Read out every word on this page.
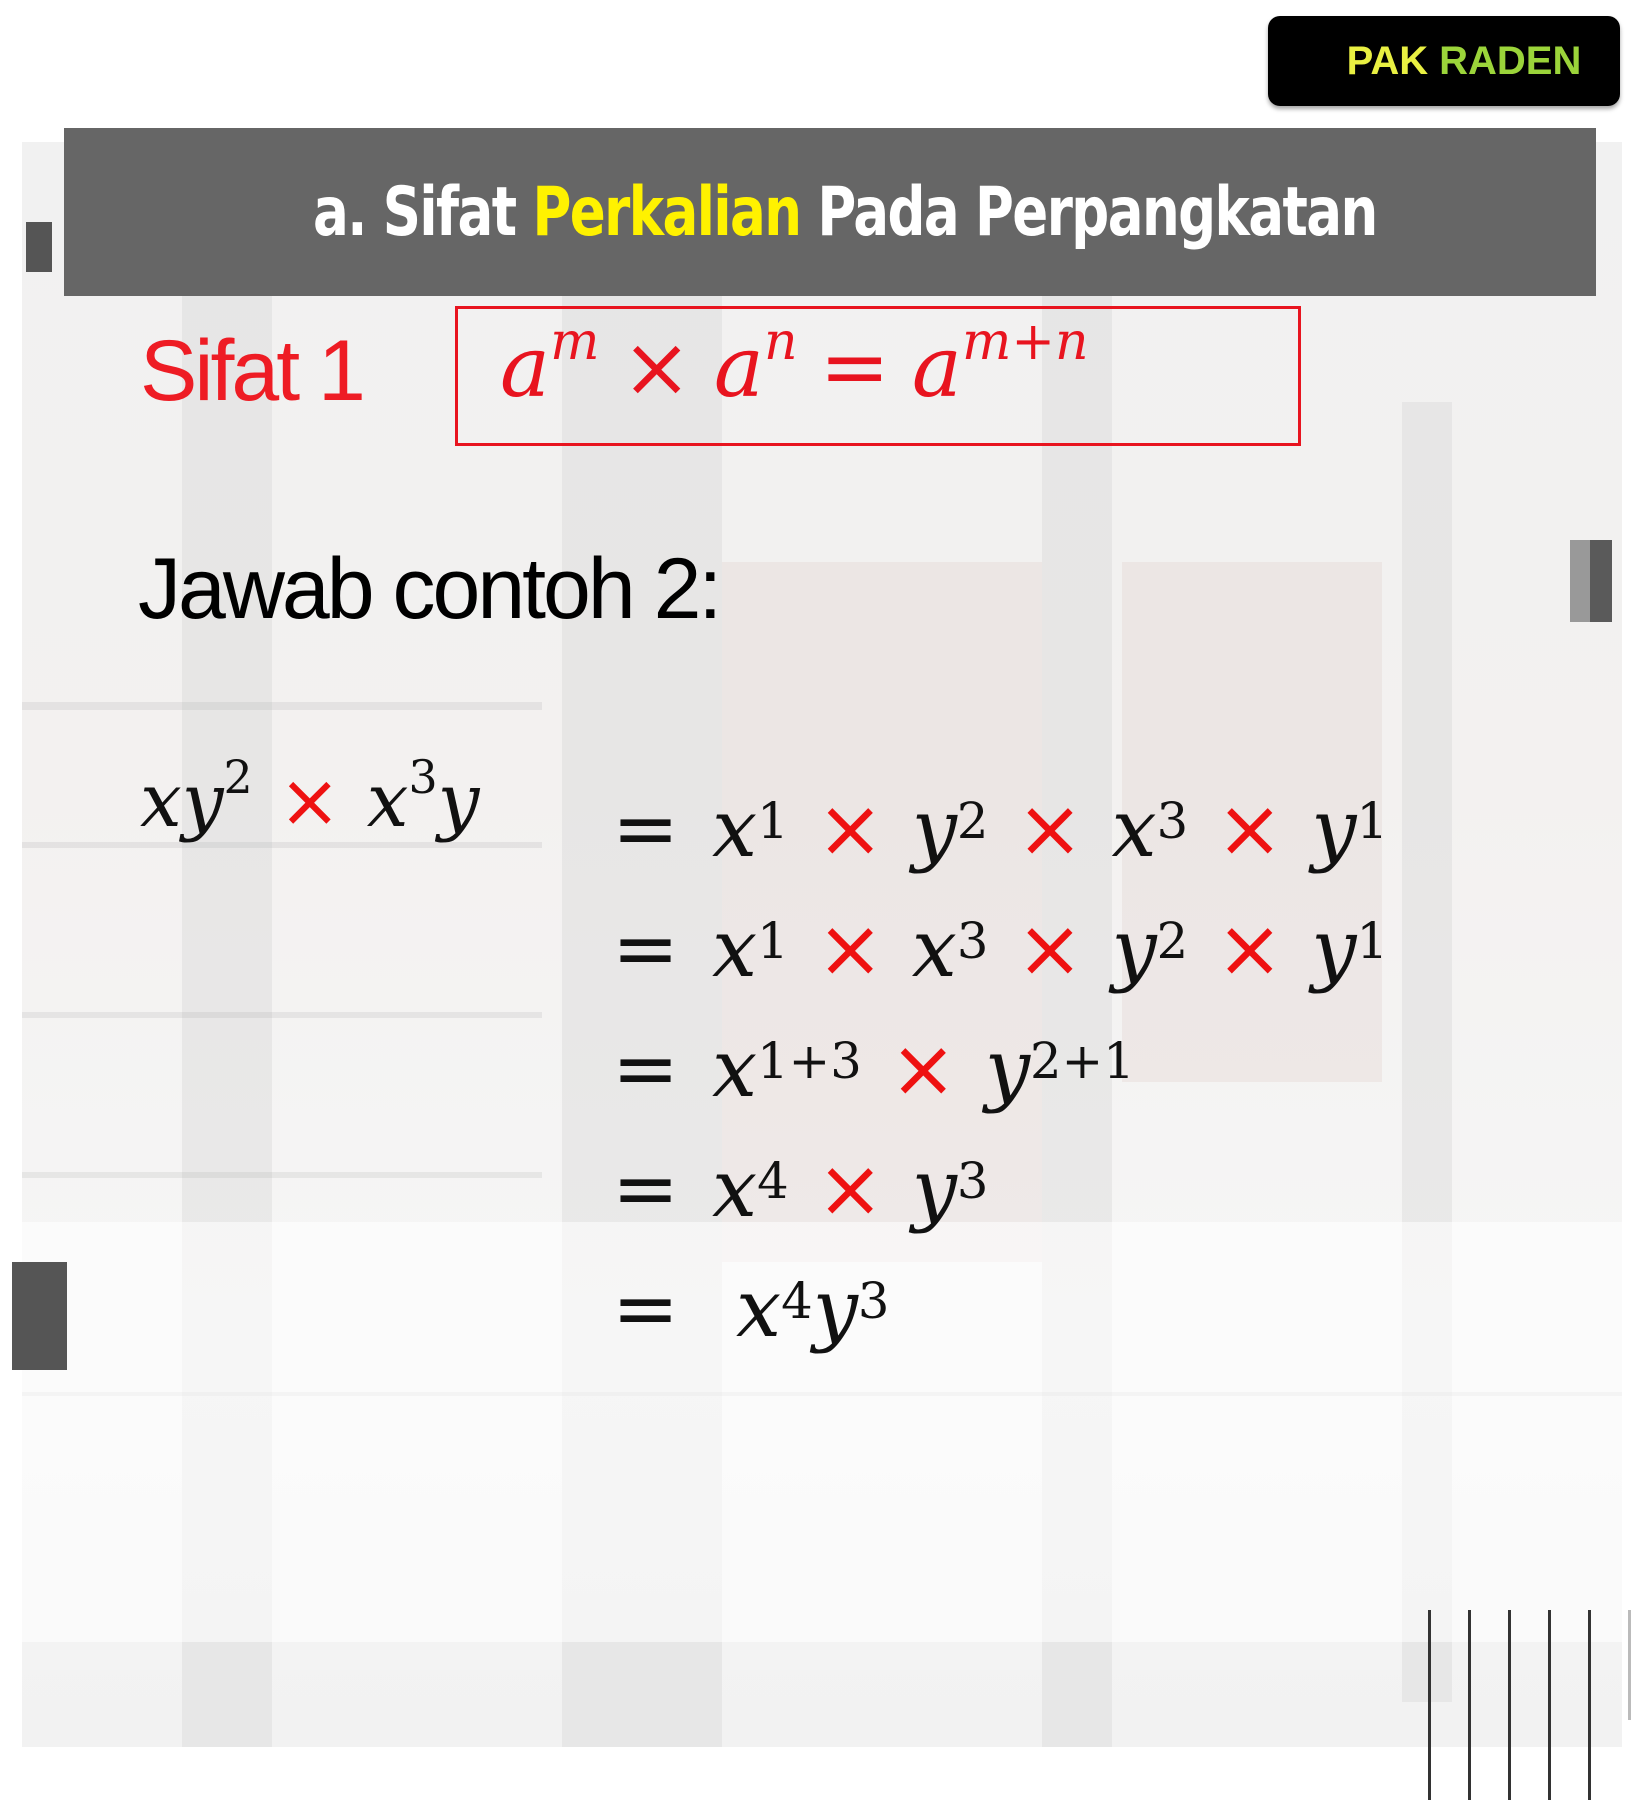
PAK RADEN
a. Sifat Perkalian Pada Perpangkatan
Sifat 1 $a^m \times a^n = a^{m+n}$
Jawab contoh 2:
$xy^2 \times x^3y = x^1 \times y^2 \times x^3 \times y^1$
= $x^1 \times x^3 \times y^2 \times y^1$
= $x^{1+3} \times y^{2+1}$
= $x^4 \times y^3$
= $x^4$ $y^3$
